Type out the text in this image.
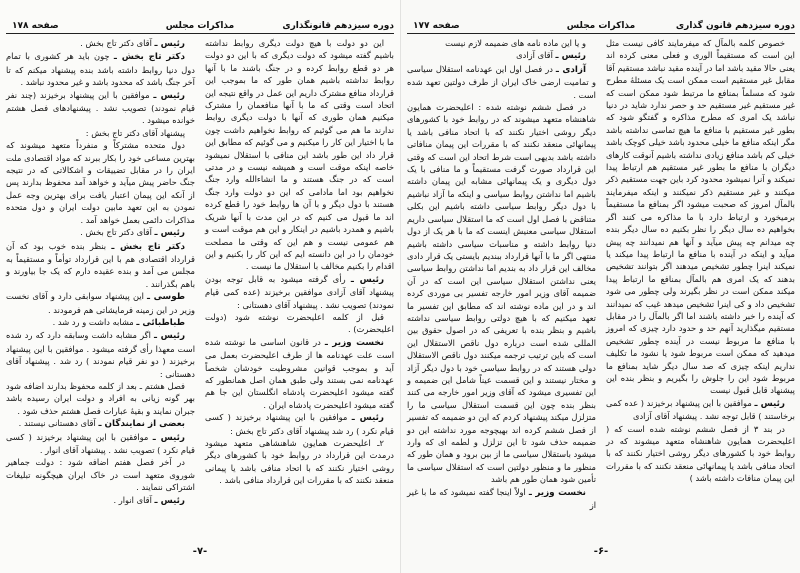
دوره سیزدهم قانونگذاری
مذاکرات مجلس
صفحه ۱۷۸

این دو دولت با هیچ دولت دیگری روابط نداشته باشیم گفته میشود که دولت دیگری که با این دو دولت هر دو قطع روابط کرده و در جنگ باشند ما با آنها روابط نداشته باشیم همان طور که ما بموجب این قرارداد منافع مشترک داریم این عمل در واقع نتیجه این اتحاد است وقتی که ما با آنها منافعمان را مشترک میکنیم همان طوری که آنها با دولت دیگری روابط ندارند ما هم می گوئیم که روابط نخواهیم داشت چون ما با اختیار این کار را میکنیم و می گوئیم که مطابق این قرار داد این طور باشد این منافی با استقلال نمیشود خاصه اینکه موقت است و همیشه نیست و در مدتی است که در جنگ هستند و ما انشاءالله وارد جنگ نخواهیم بود اما مادامی که این دو دولت وارد جنگ هستند با دول دیگر و با آن ها روابط خود را قطع کرده اند ما قبول می کنیم که در این مدت با آنها شریک باشیم و همدرد باشیم در اینکار و این هم موقت است و هم عمومی نیست و هم این که وقتی ما مصلحت خودمان را در این دانسته ایم که این کار را بکنیم و این اقدام را بکنیم مخالف با استقلال ما نیست .

رئیس ـ رأی گرفته میشود به قابل توجه بودن پیشنهاد آقای آزادی موافقین برخیزند (عده کمی قیام نمودند) تصویب نشد . پیشنهاد آقای دهستانی :

قبل از کلمه اعلیحضرت نوشته شود (دولت اعلیحضرت) .

نخست وزیر ـ در قانون اساسی ما نوشته شده است علت عهدنامه ها از طرف اعلیحضرت بعمل می آید و بموجب قوانین مشروطیت خودشان شخصاً عهدنامه نمی بستند ولی طبق همان اصل همانطور که گفته میشود اعلیحضرت پادشاه انگلستان این جا هم گفته میشود اعلیحضرت پادشاه ایران .

رئیس ـ موافقین با این پیشنهاد برخیزند ( کسی قیام نکرد ) رد شد پیشنهاد آقای دکتر تاج بخش :

۲ـ اعلیحضرت همایون شاهنشاهی متعهد میشود درمدت این قرارداد در روابط خود با کشورهای دیگر روشی اختیار نکنند که با اتحاد منافی باشد یا پیمانی منعقد نکنند که با مقررات این قرارداد منافی باشد .

رئیس ـ آقای دکتر تاج بخش .

دکتر تاج بخش ـ چون باید هر کشوری با تمام دول دنیا روابط داشته باشد بنده پیشنهاد میکنم که تا آخر جنگ باشد که محدود باشد و غیر محدود نباشد .

رئیس ـ موافقین با این پیشنهاد برخیزند (چند نفر قیام نمودند) تصویب نشد . پیشنهادهای فصل هشتم خوانده میشود .

پیشنهاد آقای دکتر تاج بخش :

دول متحده مشترکاً و منفرداً متعهد میشوند که بهترین مساعی خود را بکار ببرند که مواد اقتصادی ملت ایران را در مقابل تضییقات و اشکالاتی که در نتیجه جنگ حاضر پیش میآید و خواهد آمد محفوظ بدارند پس از آنکه این پیمان اعتبار یافت برای بهترین وجه عمل نمودن به این تعهد مابین دولت ایران و دول متحده مذاکرات دائمی بعمل خواهد آمد .

رئیس ـ آقای دکتر تاج بخش .

دکتر تاج بخش ـ بنظر بنده خوب بود که آن قرارداد اقتصادی هم با این قرارداد توأماً و مستقیماً به مجلس می آمد و بنده عقیده دارم که یک جا بیاورند و باهم بگذرانند .

طوسی ـ این پیشنهاد سوابقی دارد و آقای نخست وزیر در این زمینه فرمایشاتی هم فرمودند .

طباطبائی ـ مشابه داشت و رد شد .

رئیس ـ اگر مشابه داشت وسابقه دارد که رد شده است معهذا رأی گرفته میشود . موافقین با این پیشنهاد برخیزند ( دو نفر قیام نمودند ) رد شد . پیشنهاد آقای دهستانی :

فصل هشتم ـ بعد از کلمه محفوظ بدارند اضافه شود بهر گونه زیانی به افراد و دولت ایران رسیده باشد جبران نمایند و بقیهٔ عبارات فصل هشتم حذف شود .

بعضی از نمایندگان ـ آقای دهستانی نیستند .

رئیس ـ موافقین با این پیشنهاد برخیزند ( کسی قیام نکرد ) تصویب نشد . پیشنهاد آقای انوار .

در آخر فصل هفتم اضافه شود : دولت جماهیر شوروی متعهد است در خاک ایران هیچگونه تبلیغات اشتراکی ننمایند .

رئیس ـ آقای انوار .

-۷-
دوره سیزدهم قانون گذاری
مذاکرات مجلس
صفحه ۱۷۷

خصوص کلمه بالمآل که میفرمایند کافی نیست مثل این است که مستقیماً الوری و فعلی معنی کرده اند یعنی حالا مقید باشد اما در آینده مقید نباشد مستقیم آقا مقابل غیر مستقیم است ممکن است یک مسئلهٔ مطرح شود که مسلماً بمنافع ما مرتبط شود ممکن است که غیر مستقیم غیر مستقیم حد و حصر ندارد شاید در دنیا نباشد یک امری که مطرح مذاکره و گفتگو شود که بطور غیر مستقیم با منافع ما هیچ تماسی نداشته باشد مگر اینکه منافع ما خیلی محدود باشد خیلی کوچک باشد خیلی کم باشد منافع زیادی نداشته باشیم آنوقت کارهای دیگران با منافع ما بطور غیر مستقیم هم ارتباط پیدا نمیکند و آنرا نمیشود محدود کرد باین جهت مستقیم ذکر میکنند و غیر مستقیم ذکر نمیکنند و اینکه میفرمایند بالمآل امروز که صحبت میشود اگر بمنافع ما مستقیماً برمیخورد و ارتباط دارد با ما مذاکره می کنند اگر بخواهیم ده سال دیگر را نظر بکنیم ده سال دیگر بنده چه میدانم چه پیش میآید و آنها هم نمیدانند چه پیش میآید و اینکه در آینده با منافع ما ارتباط پیدا میکند یا نمیکند اینرا چطور تشخیص میدهند اگر بتوانند تشخیص بدهند که یک امری هم بالمآل بمنافع ما ارتباط پیدا میکند ممکن است در نظر بگیرند ولی چطور می شود تشخیص داد و کی اینرا تشخیص میدهد غیب که نمیدانند که آینده را خبر داشته باشند اما اگر بالمآل را در مقابل مستقیم میگذارید آنهم حد و حدود دارد چیزی که امروز با منافع ما مربوط نیست در آینده چطور تشخیص میدهید که ممکن است مربوط شود یا نشود ما تکلیف نداریم اینکه چیزی که صد سال دیگر شاید بمنافع ما مربوط شود این را جلوش را بگیریم و بنظر بنده این پیشنهاد قابل قبول نیست

رئیس ـ موافقین با این پیشنهاد برخیزند ( عده کمی برخاستند ) قابل توجه نشد . پیشنهاد آقای آزادی

در بند ۳ از فصل ششم نوشته شده است که ( اعلیحضرت همایون شاهنشاه متعهد میشوند که در روابط خود با کشورهای دیگر روشی اختیار نکنند که با اتحاد منافی باشد یا پیمانهائی منعقد نکنند که با مقررات این پیمان منافات داشته باشد )

و یا این ماده نامه های ضمیمه لازم نیست

رئیس ـ آقای آزادی

آزادی ـ در فصل اول این عهدنامه استقلال سیاسی و تمامیت ارضی خاک ایران از طرف دولتین تعهد شده است .

در فصل ششم نوشته شده : اعلیحضرت همایون شاهنشاه متعهد میشوند که در روابط خود با کشورهای دیگر روشی اختیار نکنند که با اتحاد منافی باشد یا پیمانهائی منعقد نکنند که با مقررات این پیمان منافاتی داشته باشد بدیهی است شرط اتحاد این است که وقتی این قرارداد صورت گرفت مستقیماً و ما منافی با یک دول دیگری و یک پیمانهائی مشابه این پیمان داشته باشیم اما نداشتن روابط سیاسی و اینکه ما آزاد نباشیم با دول دیگر روابط سیاسی داشته باشیم این بکلی متناقض با فصل اول است که ما استقلال سیاسی داریم استقلال سیاسی معنیش اینست که ما با هر یک از دول دنیا روابط داشته و مناسبات سیاسی داشته باشیم منتهی اگر ما با آنها قرارداد ببندیم بایستی یک قرار دادی مخالف این قرار داد به بندیم اما نداشتن روابط سیاسی یعنی نداشتن استقلال سیاسی این است که در آن ضمیمه آقای وزیر امور خارجه تفسیر بی موردی کرده اند و در این ماده نوشته اند که مطابق این تفسیر ما تعهد میکنیم که با هیچ دولتی روابط سیاسی نداشته باشیم و بنظر بنده با تعریفی که در اصول حقوق بین المللی شده است درباره دول ناقص الاستقلال این است که باین ترتیب ترجمه میکنند دول ناقص الاستقلال دولی هستند که در روابط سیاسی خود با دول دیگر آزاد و مختار نیستند و این قسمت عیناً شامل این ضمیمه و این تفسیری میشود که آقای وزیر امور خارجه می کنند بنظر بنده چون این قسمت استقلال سیاسی ما را متزلزل میکند پیشنهاد کردم که این دو ضمیمه که تفسیر از فصل ششم کرده اند بهیچوجه مورد نداشته این دو ضمیمه حذف شود تا این تزلزل و لطمه ای که وارد میشود باستقلال سیاسی ما از بین برود و همان طور که منظور ما و منظور دولتین است که استقلال سیاسی ما تأمین شود همان طور هم باشد

نخست وزیر ـ اولاً اینجا گفته نمیشود که ما با غیر از

-۶-
